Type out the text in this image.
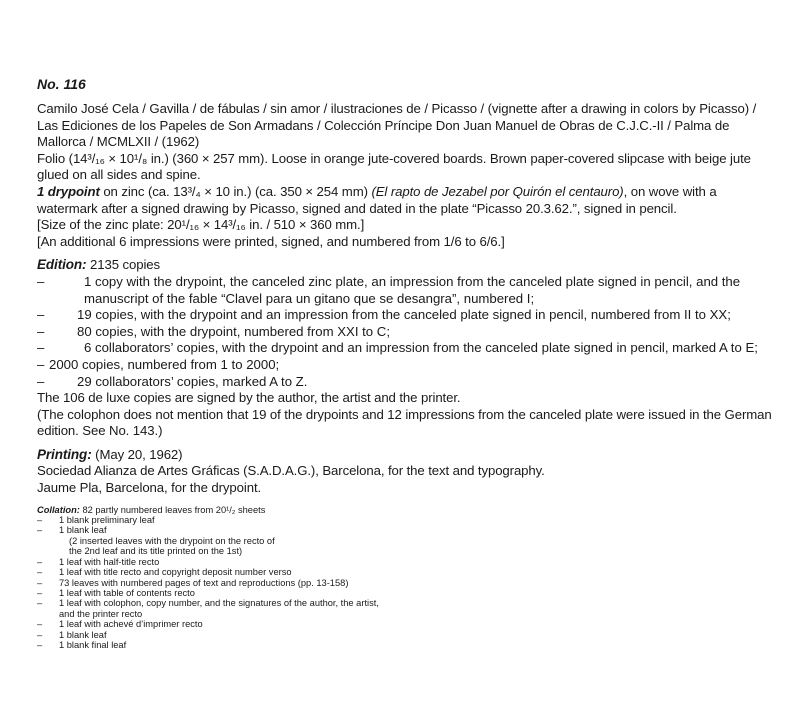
No. 116

Camilo José Cela / Gavilla / de fábulas / sin amor / ilustraciones de / Picasso / (vignette after a drawing in colors by Picasso) / Las Ediciones de los Papeles de Son Armadans / Colección Príncipe Don Juan Manuel de Obras de C.J.C.-II / Palma de Mallorca / MCMLXII / (1962)

Folio (14³/₁₆ × 10¹/₈ in.) (360 × 257 mm). Loose in orange jute-covered boards. Brown paper-covered slipcase with beige jute glued on all sides and spine.

1 drypoint on zinc (ca. 13³/₄ × 10 in.) (ca. 350 × 254 mm) (El rapto de Jezabel por Quirón el centauro), on wove with a watermark after a signed drawing by Picasso, signed and dated in the plate “Picasso 20.3.62.”, signed in pencil.

[Size of the zinc plate: 20¹/₁₆ × 14³/₁₆ in. / 510 × 360 mm.]

[An additional 6 impressions were printed, signed, and numbered from 1/6 to 6/6.]

Edition: 2135 copies

–	1 copy with the drypoint, the canceled zinc plate, an impression from the canceled plate signed in pencil, and the manuscript of the fable “Clavel para un gitano que se desangra”, numbered I;
– 19 copies, with the drypoint and an impression from the canceled plate signed in pencil, numbered from II to XX;
– 80 copies, with the drypoint, numbered from XXI to C;
–	6 collaborators’ copies, with the drypoint and an impression from the canceled plate signed in pencil, marked A to E;
– 2000 copies, numbered from 1 to 2000;
– 29 collaborators’ copies, marked A to Z.

The 106 de luxe copies are signed by the author, the artist and the printer.

(The colophon does not mention that 19 of the drypoints and 12 impressions from the canceled plate were issued in the German edition. See No. 143.)

Printing: (May 20, 1962)

Sociedad Alianza de Artes Gráficas (S.A.D.A.G.), Barcelona, for the text and typography.

Jaume Pla, Barcelona, for the drypoint.

Collation: 82 partly numbered leaves from 20¹/₂ sheets
–	1 blank preliminary leaf
–	1 blank leaf
(2 inserted leaves with the drypoint on the recto of the 2nd leaf and its title printed on the 1st)
–	1 leaf with half-title recto
–	1 leaf with title recto and copyright deposit number verso
–	73 leaves with numbered pages of text and reproductions (pp. 13-158)
–	1 leaf with table of contents recto
–	1 leaf with colophon, copy number, and the signatures of the author, the artist, and the printer recto
–	1 leaf with achevé d’imprimer recto
–	1 blank leaf
–	1 blank final leaf
